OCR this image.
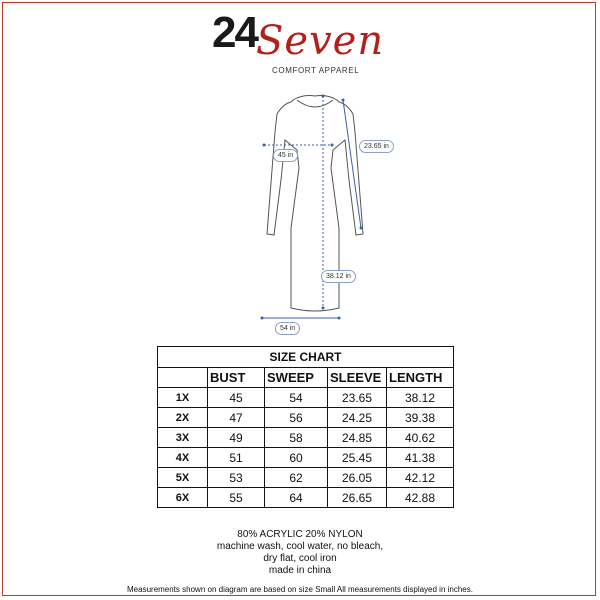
24 Seven
COMFORT APPAREL
23.65 in
45 in
38.12 in
54 in
SIZE CHART				
	BUST	SWEEP	SLEEVE	LENGTH
1X	45	54	23.65	38.12
2X	47	56	24.25	39.38
3X	49	58	24.85	40.62
4X	51	60	25.45	41.38
5X	53	62	26.05	42.12
6X	55	64	26.65	42.88
80% ACRYLIC 20% NYLON
machine wash, cool water, no bleach,
dry flat, cool iron
made in china
Measurements shown on diagram are based on size Small All measurements displayed in inches.
